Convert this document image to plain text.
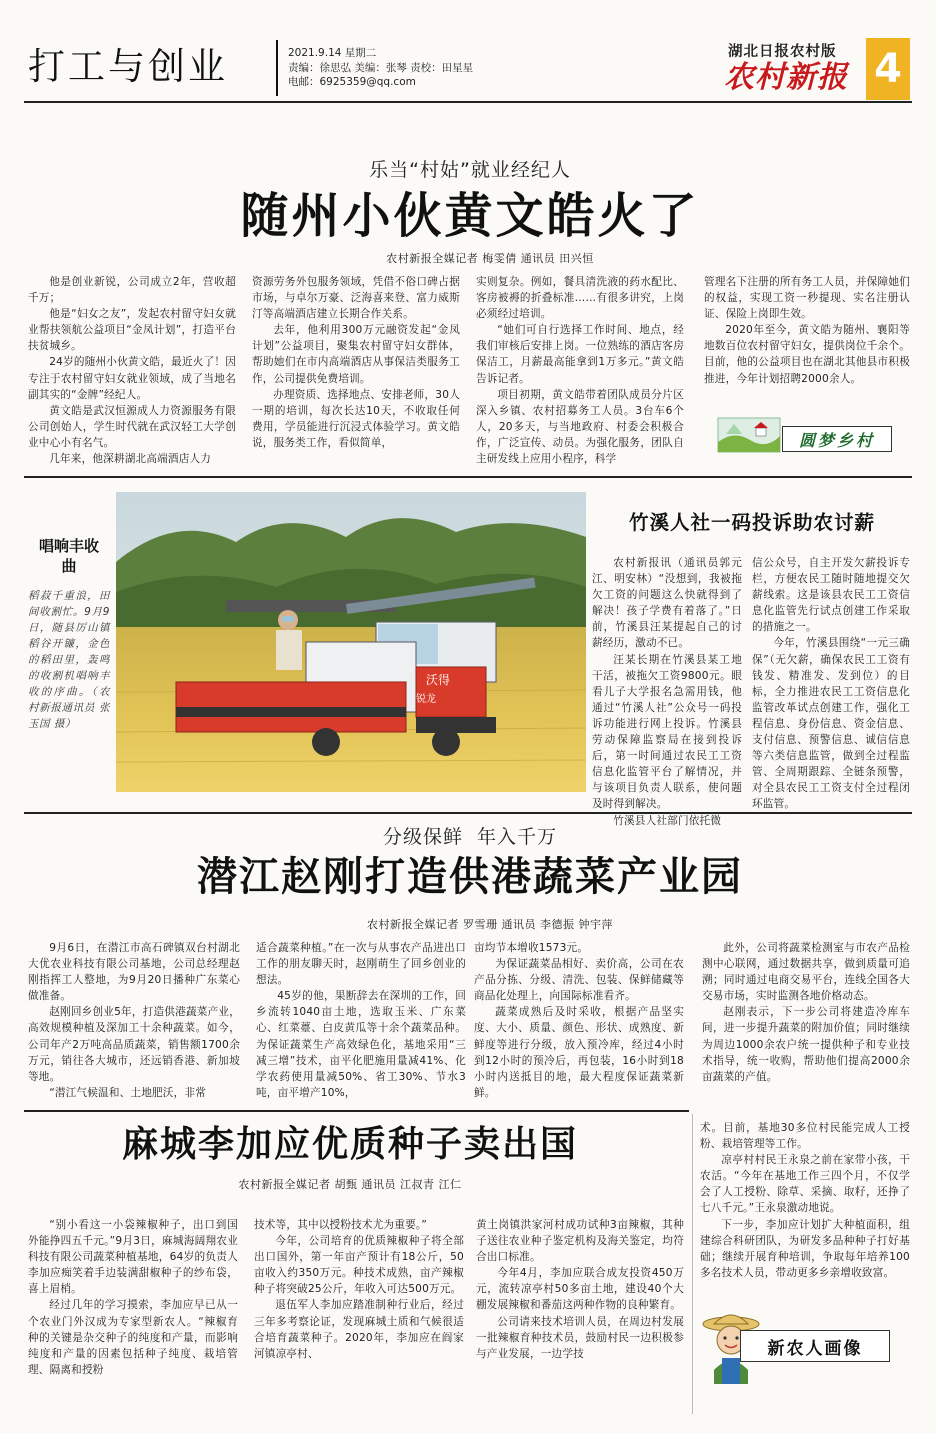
打工与创业	2021.9.14 星期二
责编：徐思弘 美编：张琴 责校：田星星
电邮：6925359@qq.com
湖北日报农村版
农村新报 4
乐当“村姑”就业经纪人
随州小伙黄文皓火了
农村新报全媒记者 梅雯倩 通讯员 田兴恒

他是创业新锐，公司成立2年，营收超千万；

他是“妇女之友”，发起农村留守妇女就业帮扶领航公益项目“金凤计划”，打造平台扶贫城乡。

24岁的随州小伙黄文皓，最近火了！因专注于农村留守妇女就业领域，成了当地名副其实的“金牌”经纪人。

黄文皓是武汉恒源成人力资源服务有限公司创始人，学生时代就在武汉轻工大学创业中心小有名气。

几年来，他深耕湖北高端酒店人力

资源劳务外包服务领域，凭借不俗口碑占据市场，与卓尔万豪、泛海喜来登、富力威斯汀等高端酒店建立长期合作关系。

去年，他利用300万元融资发起“金凤计划”公益项目，聚集农村留守妇女群体，帮助她们在市内高端酒店从事保洁类服务工作，公司提供免费培训。

办理资质、选择地点、安排老师，30人一期的培训，每次长达10天，不收取任何费用，学员能进行沉浸式体验学习。黄文皓说，服务类工作，看似简单，

实则复杂。例如，餐具清洗液的药水配比、客房被褥的折叠标准……有很多讲究，上岗必须经过培训。

“她们可自行选择工作时间、地点，经我们审核后安排上岗。一位熟练的酒店客房保洁工，月薪最高能拿到1万多元。”黄文皓告诉记者。

项目初期，黄文皓带着团队成员分片区深入乡镇、农村招募务工人员。3台车6个人，20多天，与当地政府、村委会积极合作，广泛宣传、动员。为强化服务，团队自主研发线上应用小程序，科学

管理名下注册的所有务工人员，并保障她们的权益，实现工资一秒提现、实名注册认证、保险上岗即生效。

2020年至今，黄文皓为随州、襄阳等地数百位农村留守妇女，提供岗位千余个。目前，他的公益项目也在湖北其他县市积极推进，今年计划招聘2000余人。

圆梦乡村
唱响丰收曲
稻菽千重浪，田间收割忙。9月9日，随县厉山镇稻谷开镰，金色的稻田里，轰鸣的收割机唱响丰收的序曲。（农村新报通讯员 张玉国 摄）
沃得
锐龙
竹溪人社一码投诉助农讨薪

农村新报讯（通讯员郭元江、明安林）“没想到，我被拖欠工资的问题这么快就得到了解决！孩子学费有着落了。”日前，竹溪县汪某提起自己的讨薪经历，激动不已。

汪某长期在竹溪县某工地干活，被拖欠工资9800元。眼看儿子大学报名急需用钱，他通过“竹溪人社”公众号一码投诉功能进行网上投诉。竹溪县劳动保障监察局在接到投诉后，第一时间通过农民工工资信息化监管平台了解情况，并与该项目负责人联系，使问题及时得到解决。

竹溪县人社部门依托微

信公众号，自主开发欠薪投诉专栏，方便农民工随时随地提交欠薪线索。这是该县农民工工资信息化监管先行试点创建工作采取的措施之一。

今年，竹溪县围绕“一元三确保”（无欠薪，确保农民工工资有钱发、精准发、发到位）的目标，全力推进农民工工资信息化监管改革试点创建工作，强化工程信息、身份信息、资金信息、支付信息、预警信息、诚信信息等六类信息监管，做到全过程监管、全周期跟踪、全链条预警，对全县农民工工资支付全过程闭环监管。

分级保鲜  年入千万
潜江赵刚打造供港蔬菜产业园
农村新报全媒记者 罗雪珊 通讯员 李德振 钟宇萍

9月6日，在潜江市高石碑镇双台村湖北大优农业科技有限公司基地，公司总经理赵刚指挥工人整地，为9月20日播种广东菜心做准备。

赵刚回乡创业5年，打造供港蔬菜产业，高效规模种植及深加工十余种蔬菜。如今，公司年产2万吨高品质蔬菜，销售额1700余万元，销往各大城市，还远销香港、新加坡等地。

“潜江气候温和、土地肥沃，非常

适合蔬菜种植。”在一次与从事农产品进出口工作的朋友聊天时，赵刚萌生了回乡创业的想法。

45岁的他，果断辞去在深圳的工作，回乡流转1040亩土地，选取玉米、广东菜心、红菜薹、白皮黄瓜等十余个蔬菜品种。为保证蔬菜生产高效绿色化，基地采用“三减三增”技术，亩平化肥施用量减41%、化学农药使用量减50%、省工30%、节水3吨，亩平增产10%，

亩均节本增收1573元。

为保证蔬菜品相好、卖价高，公司在农产品分拣、分级、清洗、包装、保鲜储藏等商品化处理上，向国际标准看齐。

蔬菜成熟后及时采收，根据产品坚实度、大小、质量、颜色、形状、成熟度、新鲜度等进行分级，放入预冷库，经过4小时到12小时的预冷后，再包装，16小时到18小时内送抵目的地，最大程度保证蔬菜新鲜。

此外，公司将蔬菜检测室与市农产品检测中心联网，通过数据共享，做到质量可追溯；同时通过电商交易平台，连线全国各大交易市场，实时监测各地价格动态。

赵刚表示，下一步公司将建造冷库车间，进一步提升蔬菜的附加价值；同时继续为周边1000余农户统一提供种子和专业技术指导，统一收购，帮助他们提高2000余亩蔬菜的产值。

麻城李加应优质种子卖出国
农村新报全媒记者 胡甄 通讯员 江叔青 江仁

“别小看这一小袋辣椒种子，出口到国外能挣四五千元。”9月3日，麻城海阔翔农业科技有限公司蔬菜种植基地，64岁的负责人李加应痴笑着手边装满甜椒种子的纱布袋，喜上眉梢。

经过几年的学习摸索，李加应早已从一个农业门外汉成为专家型新农人。“辣椒育种的关键是杂交种子的纯度和产量，而影响纯度和产量的因素包括种子纯度、栽培管理、隔离和授粉

技术等，其中以授粉技术尤为重要。”

今年，公司培育的优质辣椒种子将全部出口国外，第一年亩产预计有18公斤，50亩收入约350万元。种技术成熟，亩产辣椒种子将突破25公斤，年收入可达500万元。

退伍军人李加应踏准制种行业后，经过三年多考察论证，发现麻城土质和气候很适合培育蔬菜种子。2020年，李加应在阎家河镇凉亭村、

黄土岗镇洪家河村成功试种3亩辣椒，其种子送往农业种子鉴定机构及海关鉴定，均符合出口标准。

今年4月，李加应联合成友投资450万元，流转凉亭村50多亩土地，建设40个大棚发展辣椒和番茄这两种作物的良种繁育。

公司请来技术培训人员，在周边村发展一批辣椒育种技术员，鼓励村民一边积极参与产业发展，一边学技

术。目前，基地30多位村民能完成人工授粉、栽培管理等工作。

凉亭村村民王永泉之前在家带小孩，干农活。“今年在基地工作三四个月，不仅学会了人工授粉、除草、采摘、取籽，还挣了七八千元。”王永泉激动地说。

下一步，李加应计划扩大种植面积，组建综合科研团队，为研发多品种种子打好基础；继续开展育种培训，争取每年培养100多名技术人员，带动更多乡亲增收致富。

新农人画像
